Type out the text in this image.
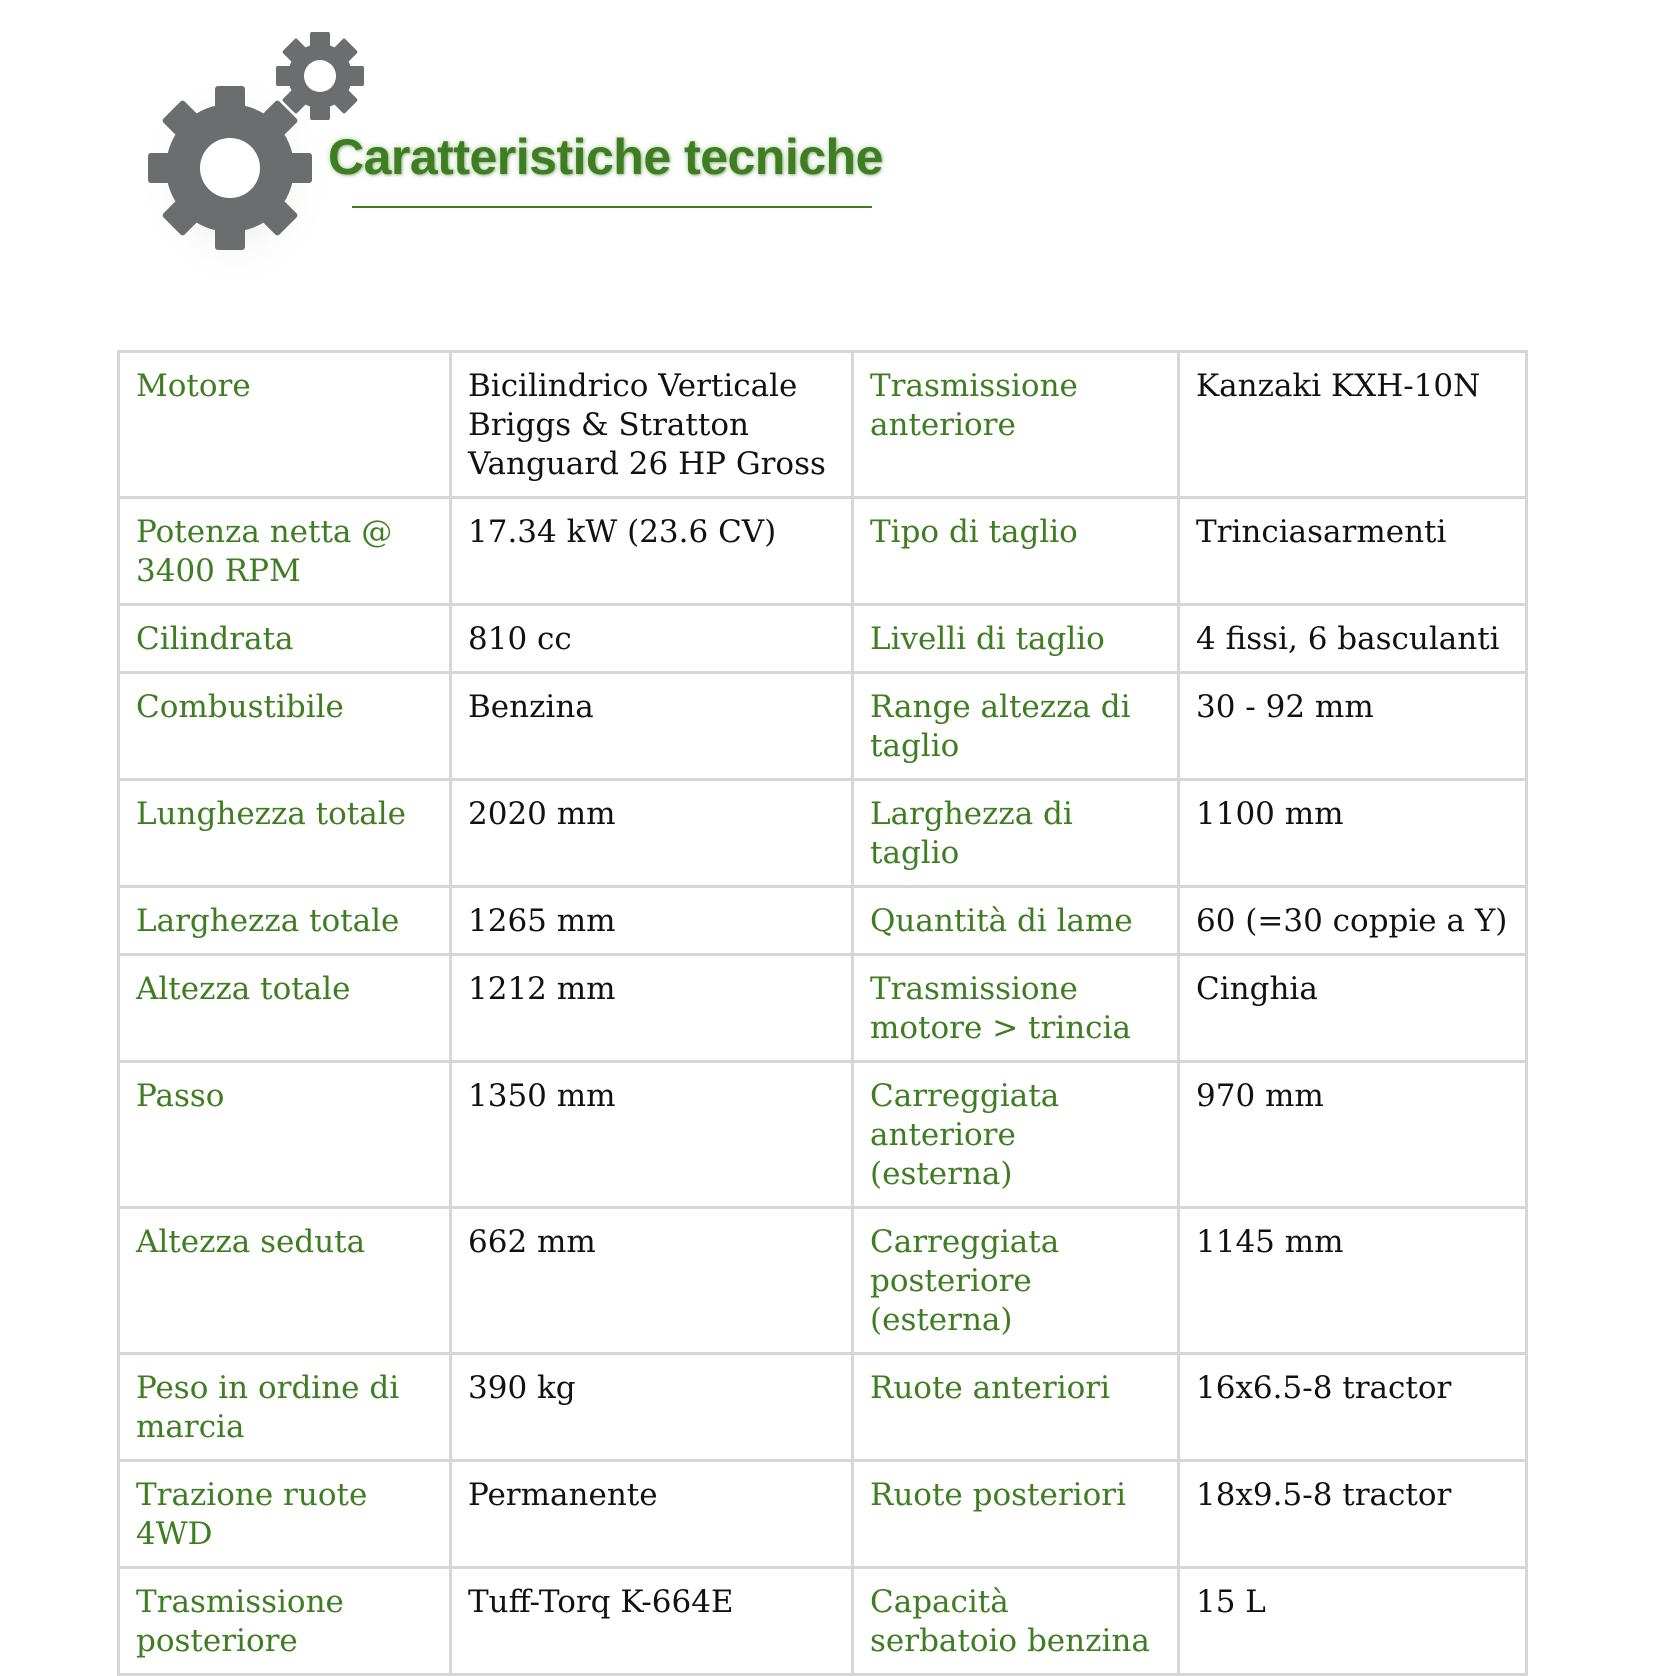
Caratteristiche tecniche
Motore	Bicilindrico Verticale Briggs & Stratton Vanguard 26 HP Gross	Trasmissione anteriore	Kanzaki KXH-10N
Potenza netta @ 3400 RPM	17.34 kW (23.6 CV)	Tipo di taglio	Trinciasarmenti
Cilindrata	810 cc	Livelli di taglio	4 fissi, 6 basculanti
Combustibile	Benzina	Range altezza di taglio	30 - 92 mm
Lunghezza totale	2020 mm	Larghezza di taglio	1100 mm
Larghezza totale	1265 mm	Quantità di lame	60 (=30 coppie a Y)
Altezza totale	1212 mm	Trasmissione motore > trincia	Cinghia
Passo	1350 mm	Carreggiata anteriore (esterna)	970 mm
Altezza seduta	662 mm	Carreggiata posteriore (esterna)	1145 mm
Peso in ordine di marcia	390 kg	Ruote anteriori	16x6.5-8 tractor
Trazione ruote 4WD	Permanente	Ruote posteriori	18x9.5-8 tractor
Trasmissione posteriore	Tuff-Torq K-664E	Capacità serbatoio benzina	15 L
